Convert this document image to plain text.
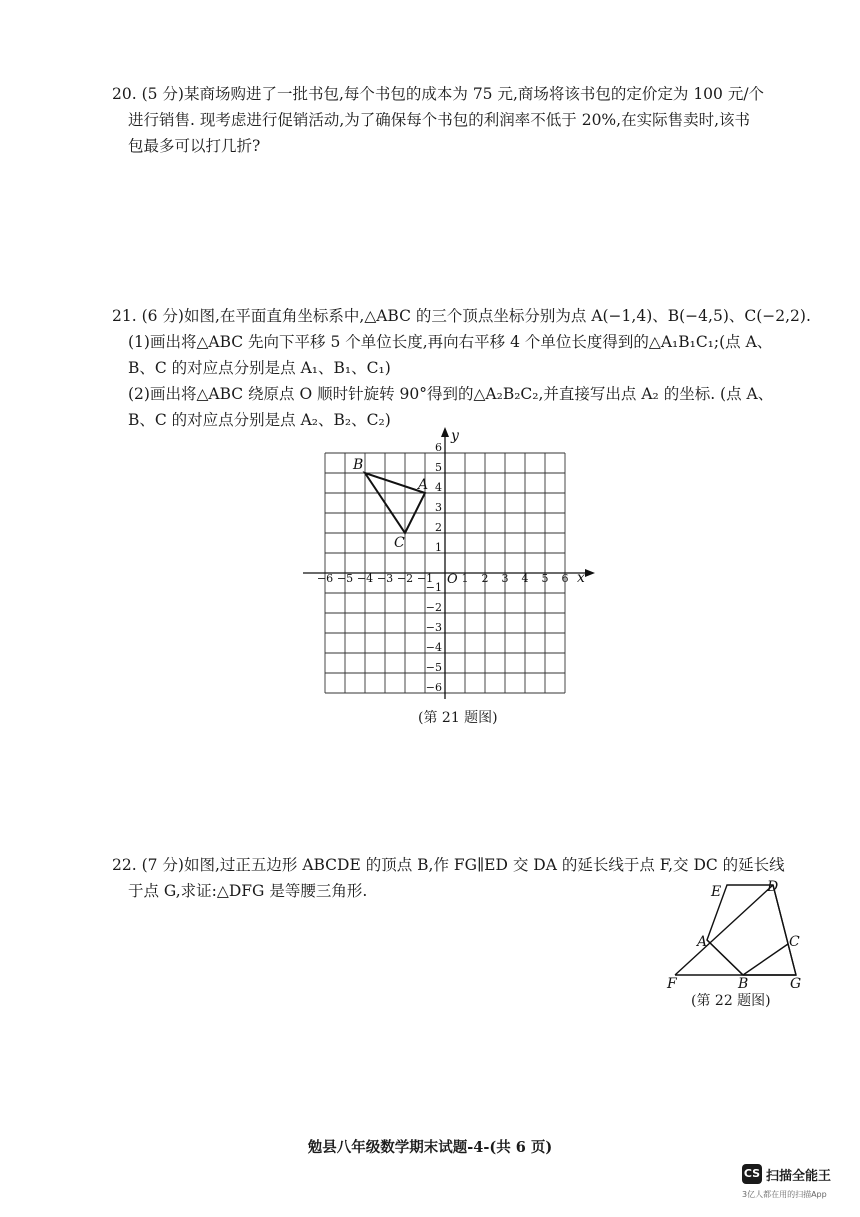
20. (5 分)某商场购进了一批书包,每个书包的成本为 75 元,商场将该书包的定价定为 100 元/个

进行销售. 现考虑进行促销活动,为了确保每个书包的利润率不低于 20%,在实际售卖时,该书

包最多可以打几折?

21. (6 分)如图,在平面直角坐标系中,△ABC 的三个顶点坐标分别为点 A(−1,4)、B(−4,5)、C(−2,2).

(1)画出将△ABC 先向下平移 5 个单位长度,再向右平移 4 个单位长度得到的△A₁B₁C₁;(点 A、

B、C 的对应点分别是点 A₁、B₁、C₁)

(2)画出将△ABC 绕原点 O 顺时针旋转 90°得到的△A₂B₂C₂,并直接写出点 A₂ 的坐标. (点 A、

B、C 的对应点分别是点 A₂、B₂、C₂)

−6 −5 −4 −3 −2 −1	1 2 3 4 5 6
6
5
4
3
2
1
−1
−2
−3
−4
−5
−6
x
y
O
A
B
C
(第 21 题图)

22. (7 分)如图,过正五边形 ABCDE 的顶点 B,作 FG∥ED 交 DA 的延长线于点 F,交 DC 的延长线

于点 G,求证:△DFG 是等腰三角形.	E	D
A	C
B
F	G
(第 22 题图)
勉县八年级数学期末试题-4-(共 6 页)
CS 扫描全能王
3亿人都在用的扫描App
